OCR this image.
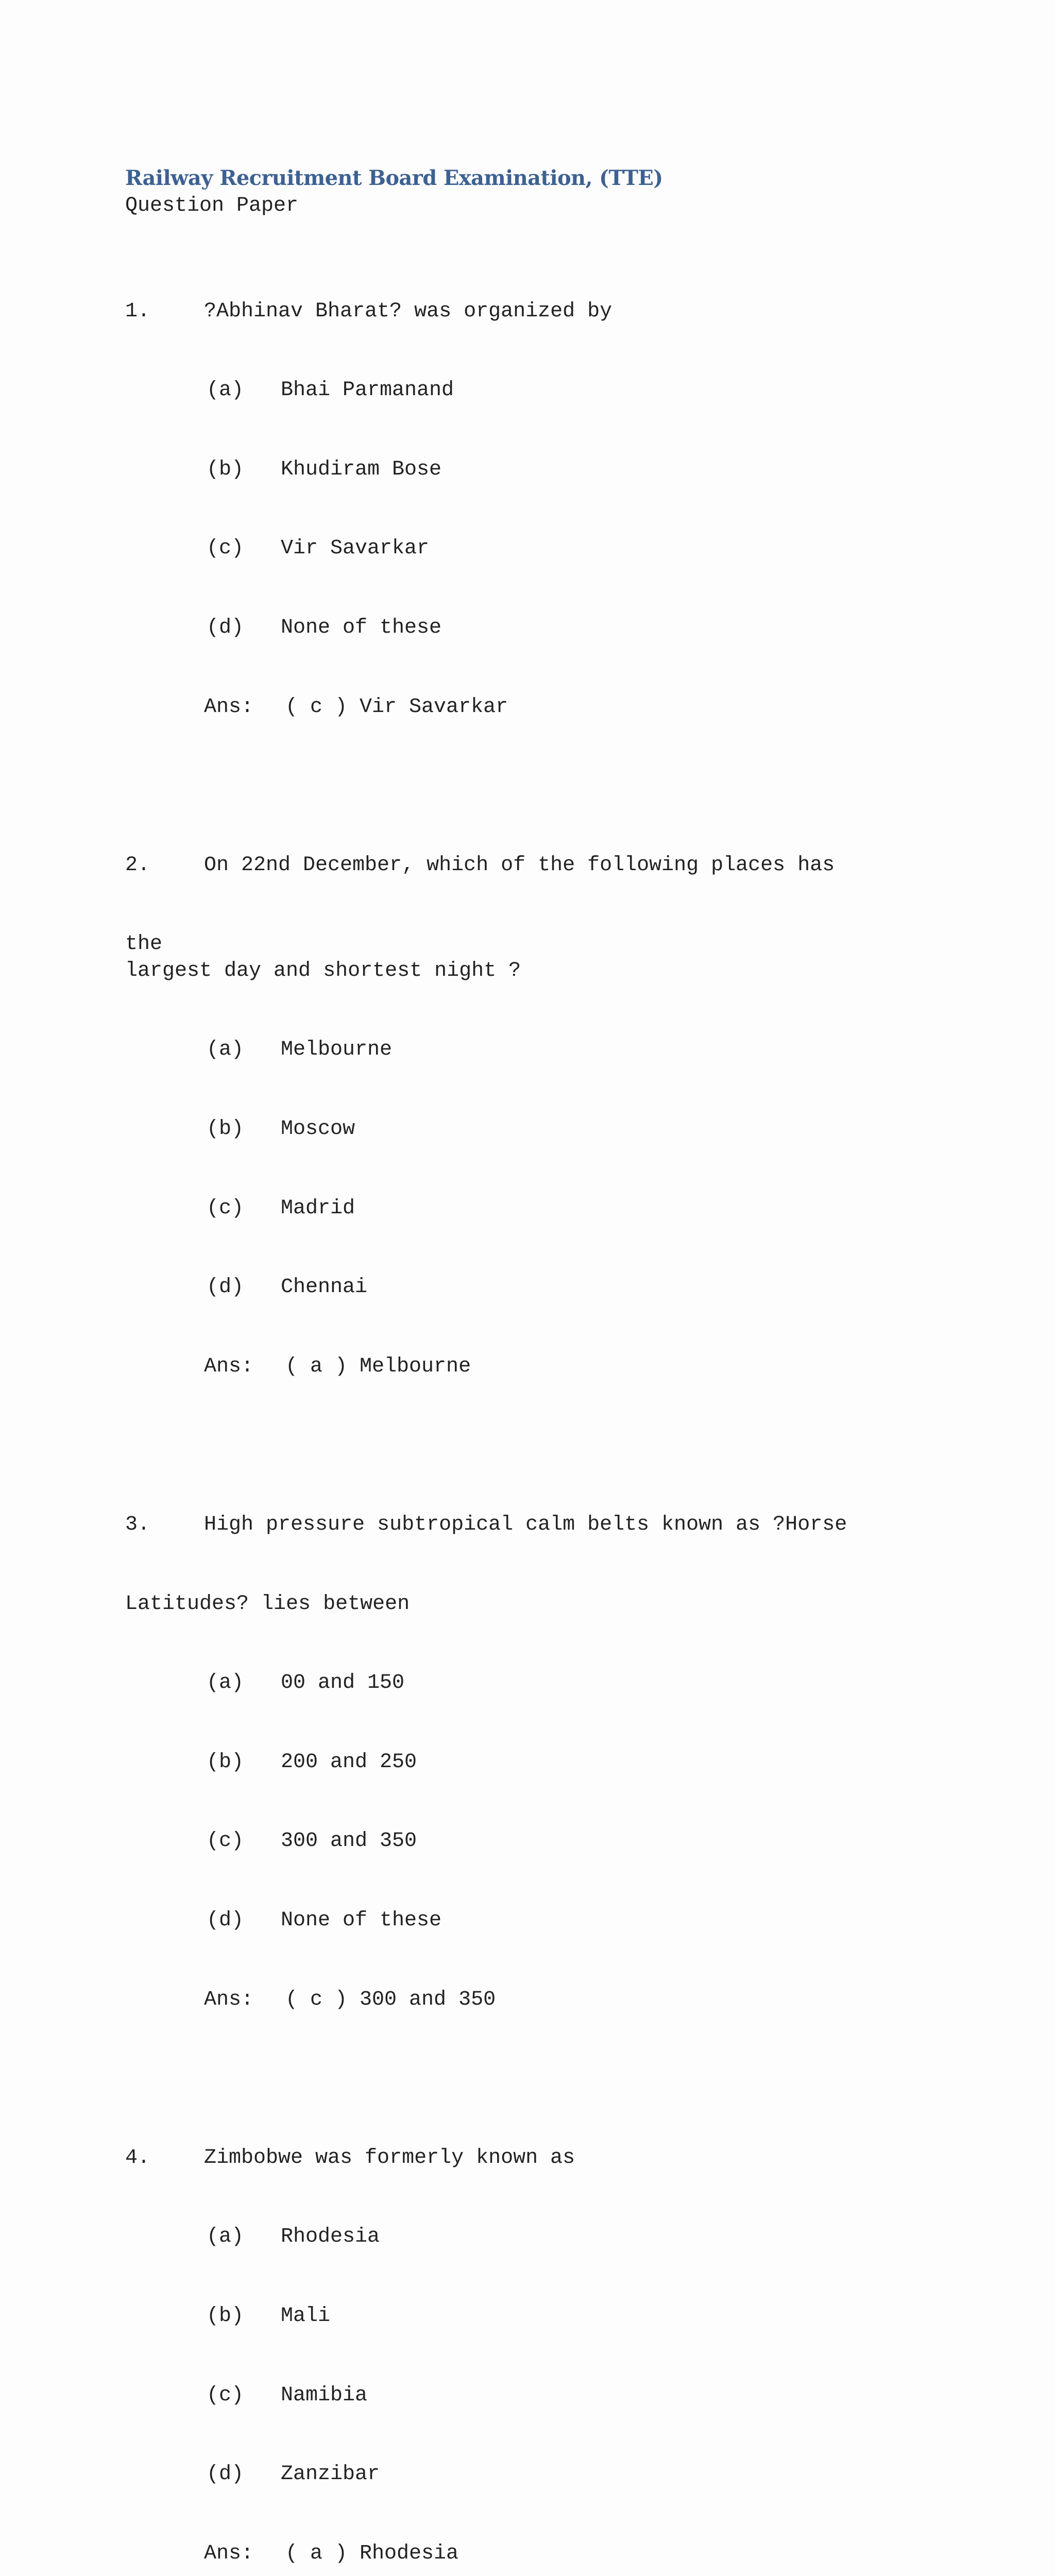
Railway Recruitment Board Examination, (TTE)
Question Paper

1.	?Abhinav Bharat? was organized by

(a)	Bhai Parmanand

(b)	Khudiram Bose

(c)	Vir Savarkar

(d)	None of these

Ans:	( c ) Vir Savarkar

2.	On 22nd December, which of the following places has

the
largest day and shortest night ?

(a)	Melbourne

(b)	Moscow

(c)	Madrid

(d)	Chennai

Ans:	( a ) Melbourne

3.	High pressure subtropical calm belts known as ?Horse

Latitudes? lies between

(a)	00 and 150

(b)	200 and 250

(c)	300 and 350

(d)	None of these

Ans:	( c ) 300 and 350

4.	Zimbobwe was formerly known as

(a)	Rhodesia

(b)	Mali

(c)	Namibia

(d)	Zanzibar

Ans:	( a ) Rhodesia
